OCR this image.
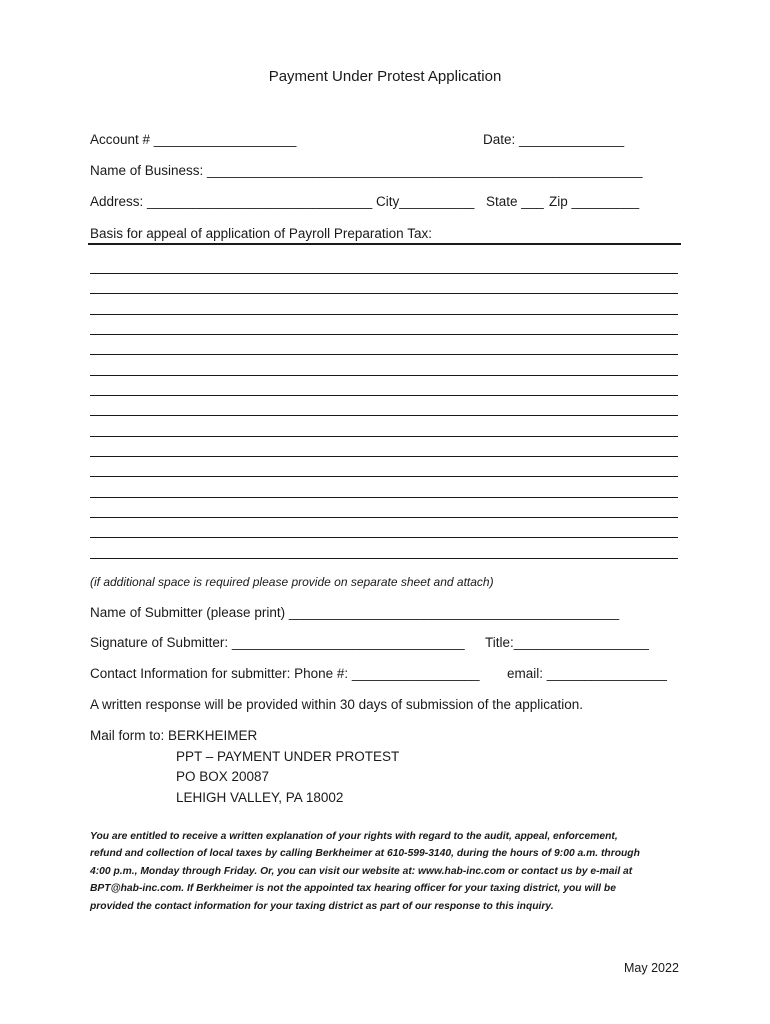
Payment Under Protest Application
Account # ___________________	Date: ______________
Name of Business: __________________________________________________________
Address: ______________________________ City__________ State ___ Zip _________
Basis for appeal of application of Payroll Preparation Tax:
(if additional space is required please provide on separate sheet and attach)
Name of Submitter (please print) ____________________________________________
Signature of Submitter: _______________________________ Title:__________________
Contact Information for submitter: Phone #: _________________ email: ________________
A written response will be provided within 30 days of submission of the application.
Mail form to: BERKHEIMER
PPT – PAYMENT UNDER PROTEST
PO BOX 20087
LEHIGH VALLEY, PA 18002
You are entitled to receive a written explanation of your rights with regard to the audit, appeal, enforcement,
refund and collection of local taxes by calling Berkheimer at 610-599-3140, during the hours of 9:00 a.m. through
4:00 p.m., Monday through Friday. Or, you can visit our website at: www.hab-inc.com or contact us by e-mail at
BPT@hab-inc.com. If Berkheimer is not the appointed tax hearing officer for your taxing district, you will be
provided the contact information for your taxing district as part of our response to this inquiry.
May 2022
